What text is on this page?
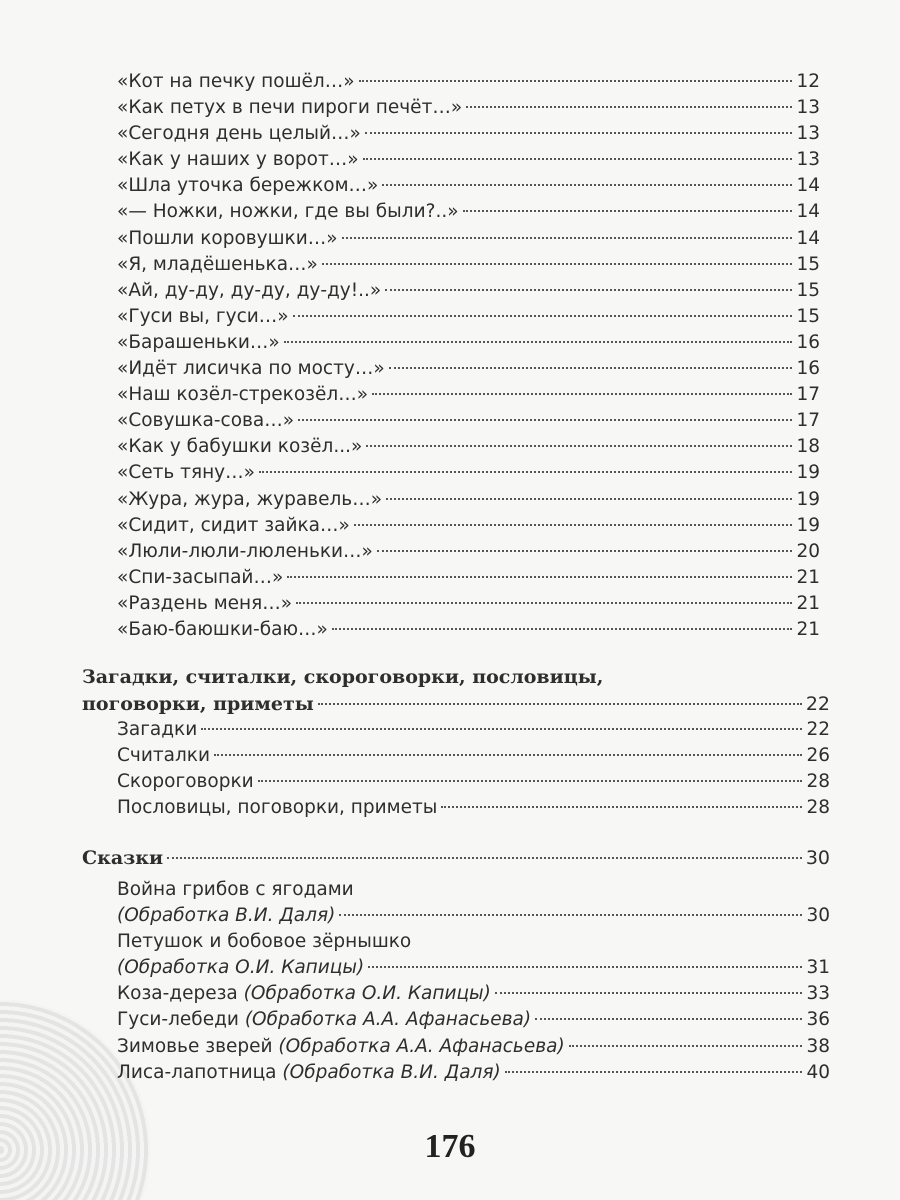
«Кот на печку пошёл…»	12
«Как петух в печи пироги печёт…»	13
«Сегодня день целый…»	13
«Как у наших у ворот…»	13
«Шла уточка бережком…»	14
«— Ножки, ножки, где вы были?..»	14
«Пошли коровушки…»	14
«Я, младёшенька…»	15
«Ай, ду-ду, ду-ду, ду-ду!..»	15
«Гуси вы, гуси…»	15
«Барашеньки…»	16
«Идёт лисичка по мосту…»	16
«Наш козёл-стрекозёл…»	17
«Совушка-сова…»	17
«Как у бабушки козёл...»	18
«Сеть тяну…»	19
«Жура, жура, журавель…»	19
«Сидит, сидит зайка…»	19
«Люли-люли-люленьки…»	20
«Спи-засыпай…»	21
«Раздень меня…»	21
«Баю-баюшки-баю…»	21
Загадки, считалки, скороговорки, пословицы,
поговорки, приметы	22
Загадки	22
Считалки	26
Скороговорки	28
Пословицы, поговорки, приметы	28
Сказки	30
Война грибов с ягодами
(Обработка В.И. Даля)	30
Петушок и бобовое зёрнышко
(Обработка О.И. Капицы)	31
Коза-дереза (Обработка О.И. Капицы)	33
Гуси-лебеди (Обработка А.А. Афанасьева)	36
Зимовье зверей (Обработка А.А. Афанасьева)	38
Лиса-лапотница (Обработка В.И. Даля)	40
176
